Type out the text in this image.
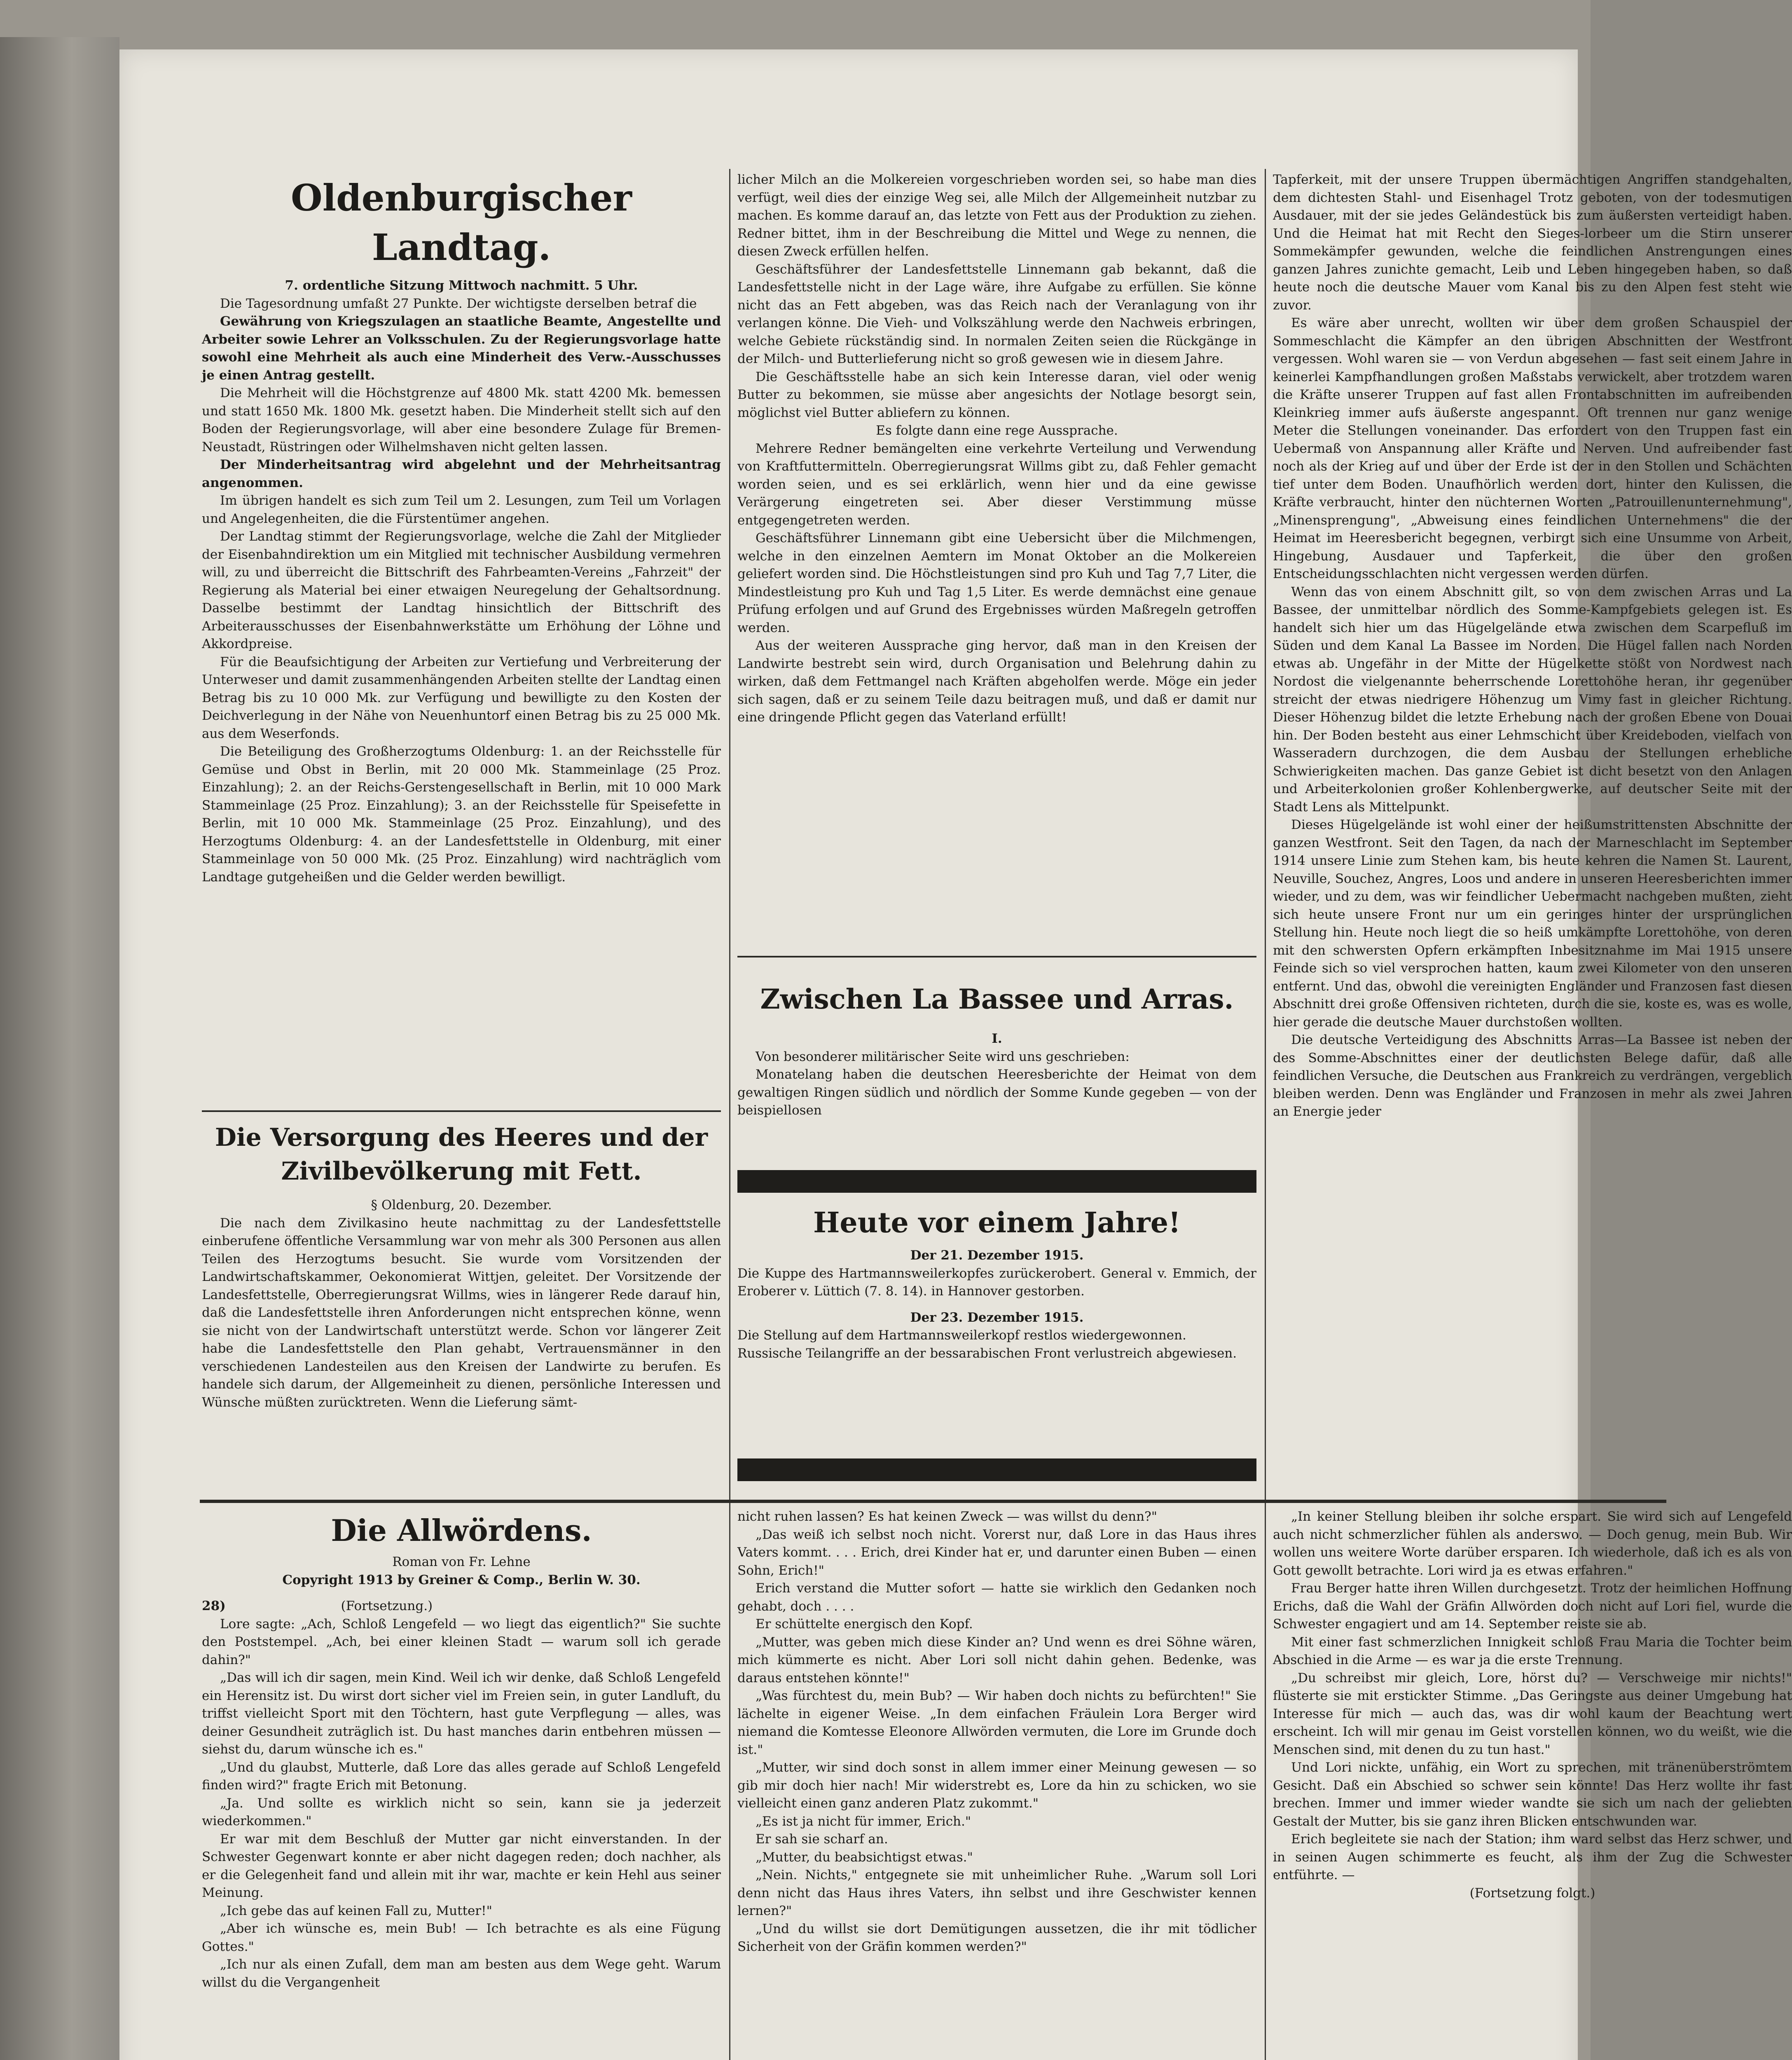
Oldenburgischer Landtag.

7. ordentliche Sitzung Mittwoch nachmitt. 5 Uhr.

Die Tagesordnung umfaßt 27 Punkte. Der wichtigste derselben betraf die

Gewährung von Kriegszulagen an staatliche Beamte, Angestellte und Arbeiter sowie Lehrer an Volksschulen. Zu der Regierungsvorlage hatte sowohl eine Mehrheit als auch eine Minderheit des Verw.-Ausschusses je einen Antrag gestellt.

Die Mehrheit will die Höchstgrenze auf 4800 Mk. statt 4200 Mk. bemessen und statt 1650 Mk. 1800 Mk. gesetzt haben. Die Minderheit stellt sich auf den Boden der Regierungsvorlage, will aber eine besondere Zulage für Bremen-Neustadt, Rüstringen oder Wilhelmshaven nicht gelten lassen.

Der Minderheitsantrag wird abgelehnt und der Mehrheitsantrag angenommen.

Im übrigen handelt es sich zum Teil um 2. Lesungen, zum Teil um Vorlagen und Angelegenheiten, die die Fürstentümer angehen.

Der Landtag stimmt der Regierungsvorlage, welche die Zahl der Mitglieder der Eisenbahndirektion um ein Mitglied mit technischer Ausbildung vermehren will, zu und überreicht die Bittschrift des Fahrbeamten-Vereins „Fahrzeit" der Regierung als Material bei einer etwaigen Neuregelung der Gehaltsordnung. Dasselbe bestimmt der Landtag hinsichtlich der Bittschrift des Arbeiterausschusses der Eisenbahnwerkstätte um Erhöhung der Löhne und Akkordpreise.

Für die Beaufsichtigung der Arbeiten zur Vertiefung und Verbreiterung der Unterweser und damit zusammenhängenden Arbeiten stellte der Landtag einen Betrag bis zu 10 000 Mk. zur Verfügung und bewilligte zu den Kosten der Deichverlegung in der Nähe von Neuenhuntorf einen Betrag bis zu 25 000 Mk. aus dem Weserfonds.

Die Beteiligung des Großherzogtums Oldenburg: 1. an der Reichsstelle für Gemüse und Obst in Berlin, mit 20 000 Mk. Stammeinlage (25 Proz. Einzahlung); 2. an der Reichs-Gerstengesellschaft in Berlin, mit 10 000 Mark Stammeinlage (25 Proz. Einzahlung); 3. an der Reichsstelle für Speisefette in Berlin, mit 10 000 Mk. Stammeinlage (25 Proz. Einzahlung), und des Herzogtums Oldenburg: 4. an der Landesfettstelle in Oldenburg, mit einer Stammeinlage von 50 000 Mk. (25 Proz. Einzahlung) wird nachträglich vom Landtage gutgeheißen und die Gelder werden bewilligt.

Die Versorgung des Heeres und der Zivilbevölkerung mit Fett.

§ Oldenburg, 20. Dezember.

Die nach dem Zivilkasino heute nachmittag zu der Landesfettstelle einberufene öffentliche Versammlung war von mehr als 300 Personen aus allen Teilen des Herzogtums besucht. Sie wurde vom Vorsitzenden der Landwirtschaftskammer, Oekonomierat Wittjen, geleitet. Der Vorsitzende der Landesfettstelle, Oberregierungsrat Willms, wies in längerer Rede darauf hin, daß die Landesfettstelle ihren Anforderungen nicht entsprechen könne, wenn sie nicht von der Landwirtschaft unterstützt werde. Schon vor längerer Zeit habe die Landesfettstelle den Plan gehabt, Vertrauensmänner in den verschiedenen Landesteilen aus den Kreisen der Landwirte zu berufen. Es handele sich darum, der Allgemeinheit zu dienen, persönliche Interessen und Wünsche müßten zurücktreten. Wenn die Lieferung sämt-

licher Milch an die Molkereien vorgeschrieben worden sei, so habe man dies verfügt, weil dies der einzige Weg sei, alle Milch der Allgemeinheit nutzbar zu machen. Es komme darauf an, das letzte von Fett aus der Produktion zu ziehen. Redner bittet, ihm in der Beschreibung die Mittel und Wege zu nennen, die diesen Zweck erfüllen helfen.

Geschäftsführer der Landesfettstelle Linnemann gab bekannt, daß die Landesfettstelle nicht in der Lage wäre, ihre Aufgabe zu erfüllen. Sie könne nicht das an Fett abgeben, was das Reich nach der Veranlagung von ihr verlangen könne. Die Vieh- und Volkszählung werde den Nachweis erbringen, welche Gebiete rückständig sind. In normalen Zeiten seien die Rückgänge in der Milch- und Butterlieferung nicht so groß gewesen wie in diesem Jahre.

Die Geschäftsstelle habe an sich kein Interesse daran, viel oder wenig Butter zu bekommen, sie müsse aber angesichts der Notlage besorgt sein, möglichst viel Butter abliefern zu können.

Es folgte dann eine rege Aussprache.

Mehrere Redner bemängelten eine verkehrte Verteilung und Verwendung von Kraftfuttermitteln. Oberregierungsrat Willms gibt zu, daß Fehler gemacht worden seien, und es sei erklärlich, wenn hier und da eine gewisse Verärgerung eingetreten sei. Aber dieser Verstimmung müsse entgegengetreten werden.

Geschäftsführer Linnemann gibt eine Uebersicht über die Milchmengen, welche in den einzelnen Aemtern im Monat Oktober an die Molkereien geliefert worden sind. Die Höchstleistungen sind pro Kuh und Tag 7,7 Liter, die Mindestleistung pro Kuh und Tag 1,5 Liter. Es werde demnächst eine genaue Prüfung erfolgen und auf Grund des Ergebnisses würden Maßregeln getroffen werden.

Aus der weiteren Aussprache ging hervor, daß man in den Kreisen der Landwirte bestrebt sein wird, durch Organisation und Belehrung dahin zu wirken, daß dem Fettmangel nach Kräften abgeholfen werde. Möge ein jeder sich sagen, daß er zu seinem Teile dazu beitragen muß, und daß er damit nur eine dringende Pflicht gegen das Vaterland erfüllt!

Zwischen La Bassee und Arras.

I.

Von besonderer militärischer Seite wird uns geschrieben:

Monatelang haben die deutschen Heeresberichte der Heimat von dem gewaltigen Ringen südlich und nördlich der Somme Kunde gegeben — von der beispiellosen

Heute vor einem Jahre!

Der 21. Dezember 1915.

Die Kuppe des Hartmannsweilerkopfes zurückerobert. General v. Emmich, der Eroberer v. Lüttich (7. 8. 14). in Hannover gestorben.

Der 23. Dezember 1915.

Die Stellung auf dem Hartmannsweilerkopf restlos wiedergewonnen.
Russische Teilangriffe an der bessarabischen Front verlustreich abgewiesen.

Tapferkeit, mit der unsere Truppen übermächtigen Angriffen standgehalten, dem dichtesten Stahl- und Eisenhagel Trotz geboten, von der todesmutigen Ausdauer, mit der sie jedes Geländestück bis zum äußersten verteidigt haben. Und die Heimat hat mit Recht den Sieges-lorbeer um die Stirn unserer Sommekämpfer gewunden, welche die feindlichen Anstrengungen eines ganzen Jahres zunichte gemacht, Leib und Leben hingegeben haben, so daß heute noch die deutsche Mauer vom Kanal bis zu den Alpen fest steht wie zuvor.

Es wäre aber unrecht, wollten wir über dem großen Schauspiel der Sommeschlacht die Kämpfer an den übrigen Abschnitten der Westfront vergessen. Wohl waren sie — von Verdun abgesehen — fast seit einem Jahre in keinerlei Kampfhandlungen großen Maßstabs verwickelt, aber trotzdem waren die Kräfte unserer Truppen auf fast allen Frontabschnitten im aufreibenden Kleinkrieg immer aufs äußerste angespannt. Oft trennen nur ganz wenige Meter die Stellungen voneinander. Das erfordert von den Truppen fast ein Uebermaß von Anspannung aller Kräfte und Nerven. Und aufreibender fast noch als der Krieg auf und über der Erde ist der in den Stollen und Schächten tief unter dem Boden. Unaufhörlich werden dort, hinter den Kulissen, die Kräfte verbraucht, hinter den nüchternen Worten „Patrouillenunternehmung", „Minensprengung", „Abweisung eines feindlichen Unternehmens" die der Heimat im Heeresbericht begegnen, verbirgt sich eine Unsumme von Arbeit, Hingebung, Ausdauer und Tapferkeit, die über den großen Entscheidungsschlachten nicht vergessen werden dürfen.

Wenn das von einem Abschnitt gilt, so von dem zwischen Arras und La Bassee, der unmittelbar nördlich des Somme-Kampfgebiets gelegen ist. Es handelt sich hier um das Hügelgelände etwa zwischen dem Scarpefluß im Süden und dem Kanal La Bassee im Norden. Die Hügel fallen nach Norden etwas ab. Ungefähr in der Mitte der Hügelkette stößt von Nordwest nach Nordost die vielgenannte beherrschende Lorettohöhe heran, ihr gegenüber streicht der etwas niedrigere Höhenzug um Vimy fast in gleicher Richtung. Dieser Höhenzug bildet die letzte Erhebung nach der großen Ebene von Douai hin. Der Boden besteht aus einer Lehmschicht über Kreideboden, vielfach von Wasseradern durchzogen, die dem Ausbau der Stellungen erhebliche Schwierigkeiten machen. Das ganze Gebiet ist dicht besetzt von den Anlagen und Arbeiterkolonien großer Kohlenbergwerke, auf deutscher Seite mit der Stadt Lens als Mittelpunkt.

Dieses Hügelgelände ist wohl einer der heißumstrittensten Abschnitte der ganzen Westfront. Seit den Tagen, da nach der Marneschlacht im September 1914 unsere Linie zum Stehen kam, bis heute kehren die Namen St. Laurent, Neuville, Souchez, Angres, Loos und andere in unseren Heeresberichten immer wieder, und zu dem, was wir feindlicher Uebermacht nachgeben mußten, zieht sich heute unsere Front nur um ein geringes hinter der ursprünglichen Stellung hin. Heute noch liegt die so heiß umkämpfte Lorettohöhe, von deren mit den schwersten Opfern erkämpften Inbesitznahme im Mai 1915 unsere Feinde sich so viel versprochen hatten, kaum zwei Kilometer von den unseren entfernt. Und das, obwohl die vereinigten Engländer und Franzosen fast diesen Abschnitt drei große Offensiven richteten, durch die sie, koste es, was es wolle, hier gerade die deutsche Mauer durchstoßen wollten.

Die deutsche Verteidigung des Abschnitts Arras—La Bassee ist neben der des Somme-Abschnittes einer der deutlichsten Belege dafür, daß alle feindlichen Versuche, die Deutschen aus Frankreich zu verdrängen, vergeblich bleiben werden. Denn was Engländer und Franzosen in mehr als zwei Jahren an Energie jeder

Die Allwördens.

Roman von Fr. Lehne

Copyright 1913 by Greiner & Comp., Berlin W. 30.

28)	(Fortsetzung.)

Lore sagte: „Ach, Schloß Lengefeld — wo liegt das eigentlich?" Sie suchte den Poststempel. „Ach, bei einer kleinen Stadt — warum soll ich gerade dahin?"

„Das will ich dir sagen, mein Kind. Weil ich wir denke, daß Schloß Lengefeld ein Herensitz ist. Du wirst dort sicher viel im Freien sein, in guter Landluft, du triffst vielleicht Sport mit den Töchtern, hast gute Verpflegung — alles, was deiner Gesundheit zuträglich ist. Du hast manches darin entbehren müssen — siehst du, darum wünsche ich es."

„Und du glaubst, Mutterle, daß Lore das alles gerade auf Schloß Lengefeld finden wird?" fragte Erich mit Betonung.

„Ja. Und sollte es wirklich nicht so sein, kann sie ja jederzeit wiederkommen."

Er war mit dem Beschluß der Mutter gar nicht einverstanden. In der Schwester Gegenwart konnte er aber nicht dagegen reden; doch nachher, als er die Gelegenheit fand und allein mit ihr war, machte er kein Hehl aus seiner Meinung.

„Ich gebe das auf keinen Fall zu, Mutter!"

„Aber ich wünsche es, mein Bub! — Ich betrachte es als eine Fügung Gottes."

„Ich nur als einen Zufall, dem man am besten aus dem Wege geht. Warum willst du die Vergangenheit

nicht ruhen lassen? Es hat keinen Zweck — was willst du denn?"

„Das weiß ich selbst noch nicht. Vorerst nur, daß Lore in das Haus ihres Vaters kommt. . . . Erich, drei Kinder hat er, und darunter einen Buben — einen Sohn, Erich!"

Erich verstand die Mutter sofort — hatte sie wirklich den Gedanken noch gehabt, doch . . . .

Er schüttelte energisch den Kopf.

„Mutter, was geben mich diese Kinder an? Und wenn es drei Söhne wären, mich kümmerte es nicht. Aber Lori soll nicht dahin gehen. Bedenke, was daraus entstehen könnte!"

„Was fürchtest du, mein Bub? — Wir haben doch nichts zu befürchten!" Sie lächelte in eigener Weise. „In dem einfachen Fräulein Lora Berger wird niemand die Komtesse Eleonore Allwörden vermuten, die Lore im Grunde doch ist."

„Mutter, wir sind doch sonst in allem immer einer Meinung gewesen — so gib mir doch hier nach! Mir widerstrebt es, Lore da hin zu schicken, wo sie vielleicht einen ganz anderen Platz zukommt."

„Es ist ja nicht für immer, Erich."

Er sah sie scharf an.

„Mutter, du beabsichtigst etwas."

„Nein. Nichts," entgegnete sie mit unheimlicher Ruhe. „Warum soll Lori denn nicht das Haus ihres Vaters, ihn selbst und ihre Geschwister kennen lernen?"

„Und du willst sie dort Demütigungen aussetzen, die ihr mit tödlicher Sicherheit von der Gräfin kommen werden?"

„In keiner Stellung bleiben ihr solche erspart. Sie wird sich auf Lengefeld auch nicht schmerzlicher fühlen als anderswo. — Doch genug, mein Bub. Wir wollen uns weitere Worte darüber ersparen. Ich wiederhole, daß ich es als von Gott gewollt betrachte. Lori wird ja es etwas erfahren."

Frau Berger hatte ihren Willen durchgesetzt. Trotz der heimlichen Hoffnung Erichs, daß die Wahl der Gräfin Allwörden doch nicht auf Lori fiel, wurde die Schwester engagiert und am 14. September reiste sie ab.

Mit einer fast schmerzlichen Innigkeit schloß Frau Maria die Tochter beim Abschied in die Arme — es war ja die erste Trennung.

„Du schreibst mir gleich, Lore, hörst du? — Verschweige mir nichts!" flüsterte sie mit erstickter Stimme. „Das Geringste aus deiner Umgebung hat Interesse für mich — auch das, was dir wohl kaum der Beachtung wert erscheint. Ich will mir genau im Geist vorstellen können, wo du weißt, wie die Menschen sind, mit denen du zu tun hast."

Und Lori nickte, unfähig, ein Wort zu sprechen, mit tränenüberströmtem Gesicht. Daß ein Abschied so schwer sein könnte! Das Herz wollte ihr fast brechen. Immer und immer wieder wandte sie sich um nach der geliebten Gestalt der Mutter, bis sie ganz ihren Blicken entschwunden war.

Erich begleitete sie nach der Station; ihm ward selbst das Herz schwer, und in seinen Augen schimmerte es feucht, als ihm der Zug die Schwester entführte. —

(Fortsetzung folgt.)
